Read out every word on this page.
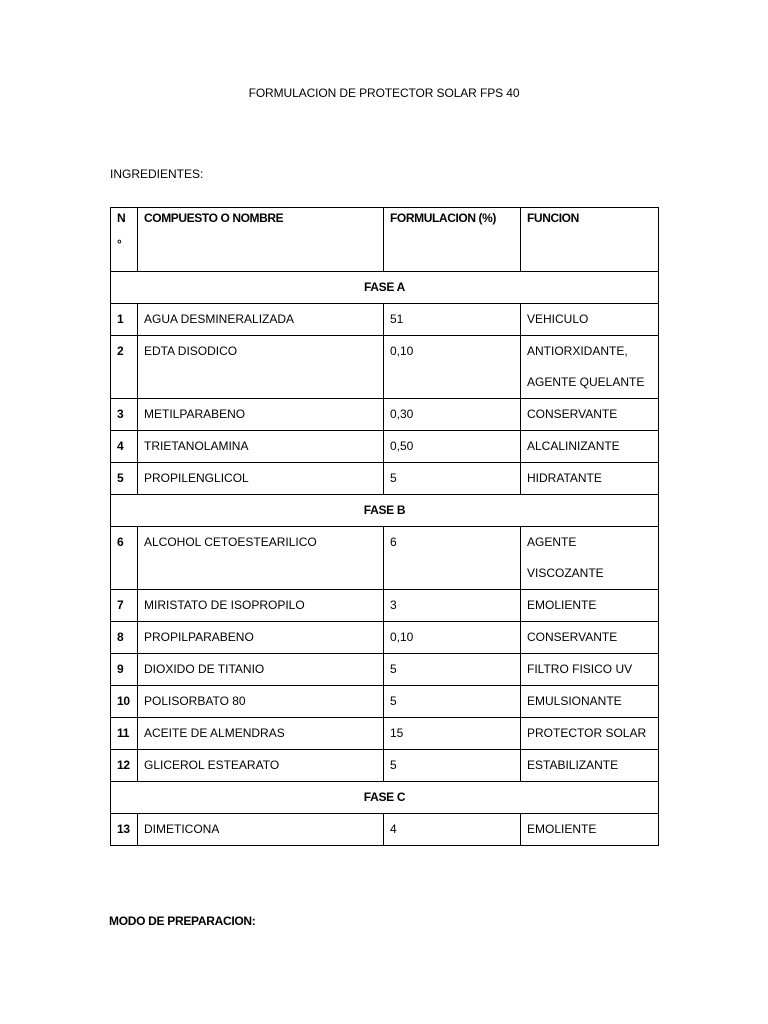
FORMULACION DE PROTECTOR SOLAR FPS 40
INGREDIENTES:
N
°	COMPUESTO O NOMBRE	FORMULACION (%)	FUNCION
FASE A			
1	AGUA DESMINERALIZADA	51	VEHICULO
2	EDTA DISODICO	0,10	ANTIORXIDANTE,
AGENTE QUELANTE

3	METILPARABENO	0,30	CONSERVANTE
4	TRIETANOLAMINA	0,50	ALCALINIZANTE
5	PROPILENGLICOL	5	HIDRATANTE
FASE B			
6	ALCOHOL CETOESTEARILICO	6	AGENTE
VISCOZANTE

7	MIRISTATO DE ISOPROPILO	3	EMOLIENTE
8	PROPILPARABENO	0,10	CONSERVANTE
9	DIOXIDO DE TITANIO	5	FILTRO FISICO UV
10	POLISORBATO 80	5	EMULSIONANTE
11	ACEITE DE ALMENDRAS	15	PROTECTOR SOLAR
12	GLICEROL ESTEARATO	5	ESTABILIZANTE
FASE C			
13	DIMETICONA	4	EMOLIENTE
MODO DE PREPARACION:
